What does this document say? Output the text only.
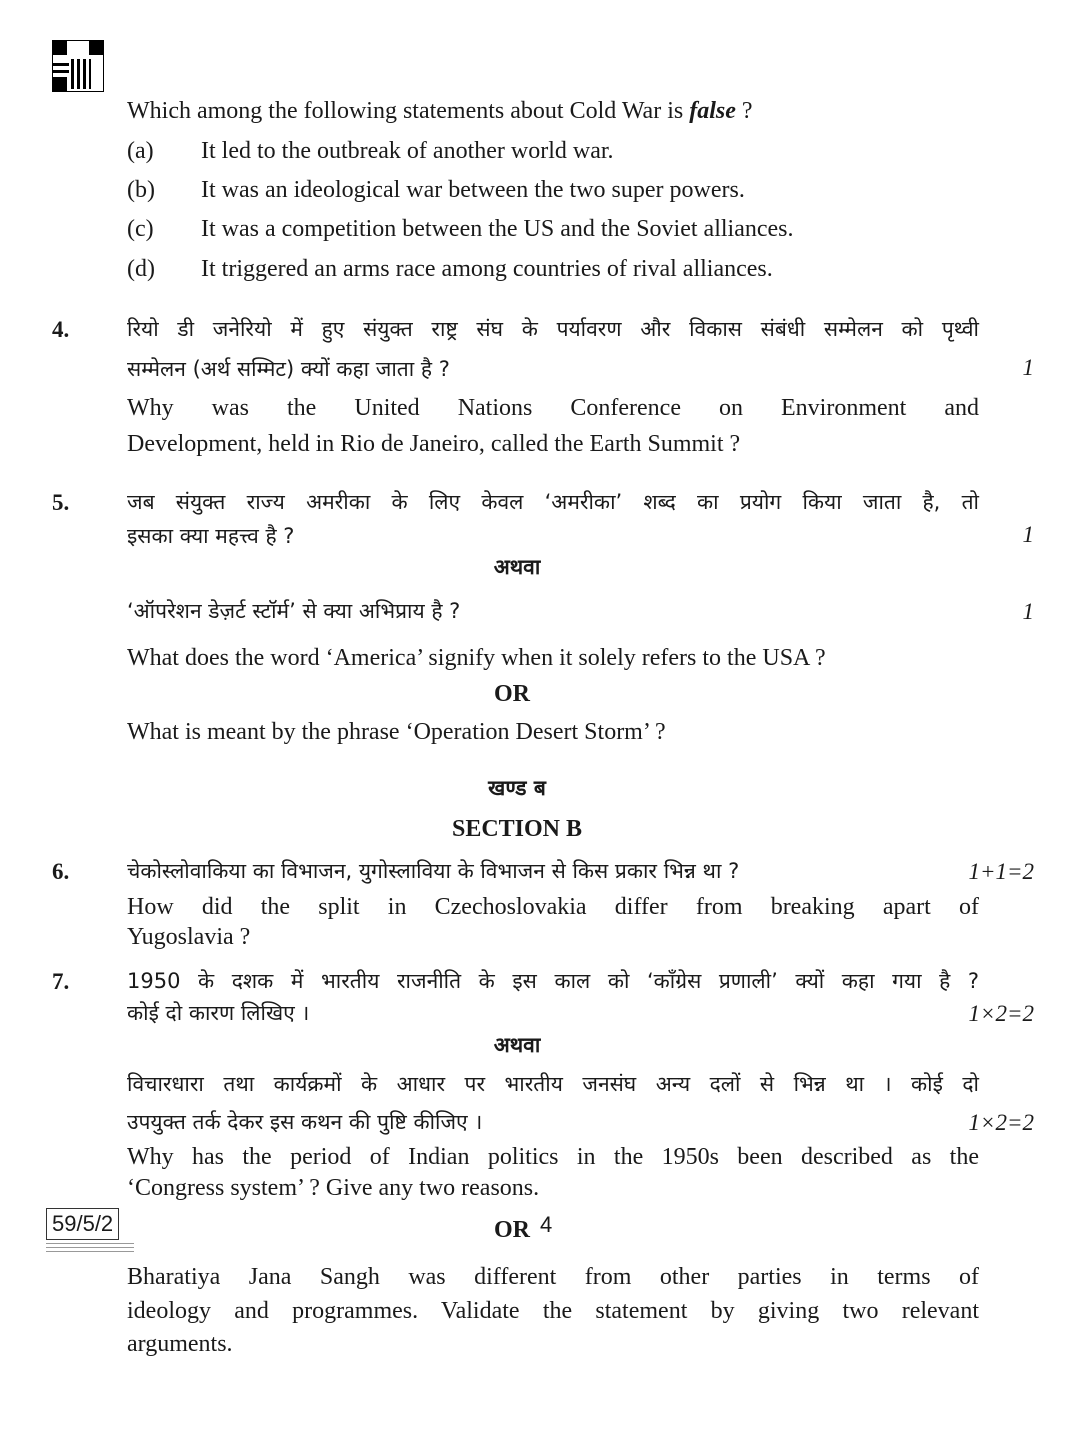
Which among the following statements about Cold War is false ?
(a) It led to the outbreak of another world war.
(b) It was an ideological war between the two super powers.
(c) It was a competition between the US and the Soviet alliances.
(d) It triggered an arms race among countries of rival alliances.
4.	रियो डी जनेरियो में हुए संयुक्त राष्ट्र संघ के पर्यावरण और विकास संबंधी सम्मेलन को पृथ्वी
सम्मेलन (अर्थ सम्मिट) क्यों कहा जाता है ?	1
Why was the United Nations Conference on Environment and
Development, held in Rio de Janeiro, called the Earth Summit ?
5.	जब संयुक्त राज्य अमरीका के लिए केवल ‘अमरीका’ शब्द का प्रयोग किया जाता है, तो
इसका क्या महत्त्व है ?	1
अथवा
‘ऑपरेशन डेज़र्ट स्टॉर्म’ से क्या अभिप्राय है ?	1
What does the word ‘America’ signify when it solely refers to the USA ?
OR
What is meant by the phrase ‘Operation Desert Storm’ ?
खण्ड ब
SECTION B
6.	चेकोस्लोवाकिया का विभाजन, युगोस्लाविया के विभाजन से किस प्रकार भिन्न था ?	1+1=2
How did the split in Czechoslovakia differ from breaking apart of
Yugoslavia ?
7.	1950 के दशक में भारतीय राजनीति के इस काल को ‘काँग्रेस प्रणाली’ क्यों कहा गया है ?
कोई दो कारण लिखिए ।	1×2=2
अथवा
विचारधारा तथा कार्यक्रमों के आधार पर भारतीय जनसंघ अन्य दलों से भिन्न था । कोई दो
उपयुक्त तर्क देकर इस कथन की पुष्टि कीजिए ।	1×2=2
Why has the period of Indian politics in the 1950s been described as the
‘Congress system’ ? Give any two reasons.
OR
Bharatiya Jana Sangh was different from other parties in terms of
ideology and programmes. Validate the statement by giving two relevant
arguments.
59/5/2	4
